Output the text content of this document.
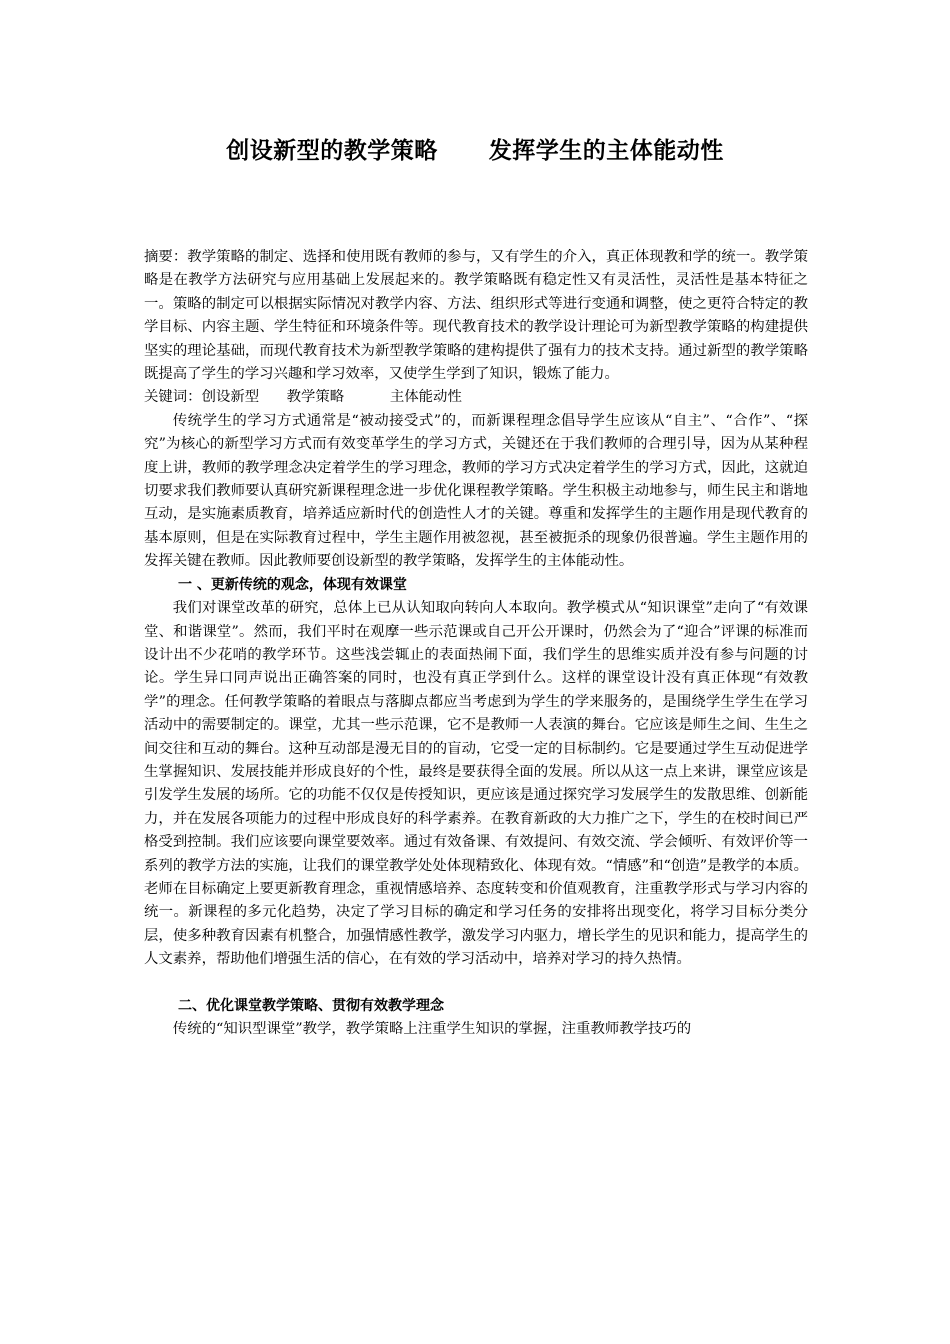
创设新型的教学策略      发挥学生的主体能动性

摘要：教学策略的制定、选择和使用既有教师的参与，又有学生的介入，真正体现教和学的统一。教学策略是在教学方法研究与应用基础上发展起来的。教学策略既有稳定性又有灵活性，灵活性是基本特征之一。策略的制定可以根据实际情况对教学内容、方法、组织形式等进行变通和调整，使之更符合特定的教学目标、内容主题、学生特征和环境条件等。现代教育技术的教学设计理论可为新型教学策略的构建提供坚实的理论基础，而现代教育技术为新型教学策略的建构提供了强有力的技术支持。通过新型的教学策略既提高了学生的学习兴趣和学习效率，又使学生学到了知识，锻炼了能力。

关键词：创设新型      教学策略          主体能动性

传统学生的学习方式通常是“被动接受式”的，而新课程理念倡导学生应该从“自主”、“合作”、“探究”为核心的新型学习方式而有效变革学生的学习方式，关键还在于我们教师的合理引导，因为从某种程度上讲，教师的教学理念决定着学生的学习理念，教师的学习方式决定着学生的学习方式，因此，这就迫切要求我们教师要认真研究新课程理念进一步优化课程教学策略。学生积极主动地参与，师生民主和谐地互动，是实施素质教育，培养适应新时代的创造性人才的关键。尊重和发挥学生的主题作用是现代教育的基本原则，但是在实际教育过程中，学生主题作用被忽视，甚至被扼杀的现象仍很普遍。学生主题作用的发挥关键在教师。因此教师要创设新型的教学策略，发挥学生的主体能动性。

一 、更新传统的观念，体现有效课堂

我们对课堂改革的研究，总体上已从认知取向转向人本取向。教学模式从“知识课堂”走向了“有效课堂、和谐课堂”。然而，我们平时在观摩一些示范课或自己开公开课时，仍然会为了“迎合”评课的标准而设计出不少花哨的教学环节。这些浅尝辄止的表面热闹下面，我们学生的思维实质并没有参与问题的讨论。学生异口同声说出正确答案的同时，也没有真正学到什么。这样的课堂设计没有真正体现“有效教学”的理念。任何教学策略的着眼点与落脚点都应当考虑到为学生的学来服务的，是围绕学生学生在学习活动中的需要制定的。课堂，尤其一些示范课，它不是教师一人表演的舞台。它应该是师生之间、生生之间交往和互动的舞台。这种互动部是漫无目的的盲动，它受一定的目标制约。它是要通过学生互动促进学生掌握知识、发展技能并形成良好的个性，最终是要获得全面的发展。所以从这一点上来讲，课堂应该是引发学生发展的场所。它的功能不仅仅是传授知识，更应该是通过探究学习发展学生的发散思维、创新能力，并在发展各项能力的过程中形成良好的科学素养。在教育新政的大力推广之下，学生的在校时间已严格受到控制。我们应该要向课堂要效率。通过有效备课、有效提问、有效交流、学会倾听、有效评价等一系列的教学方法的实施，让我们的课堂教学处处体现精致化、体现有效。“情感”和“创造”是教学的本质。老师在目标确定上要更新教育理念，重视情感培养、态度转变和价值观教育，注重教学形式与学习内容的统一。新课程的多元化趋势，决定了学习目标的确定和学习任务的安排将出现变化，将学习目标分类分层，使多种教育因素有机整合，加强情感性教学，激发学习内驱力，增长学生的见识和能力，提高学生的人文素养，帮助他们增强生活的信心，在有效的学习活动中，培养对学习的持久热情。

二、优化课堂教学策略、贯彻有效教学理念

传统的“知识型课堂”教学，教学策略上注重学生知识的掌握，注重教师教学技巧的
